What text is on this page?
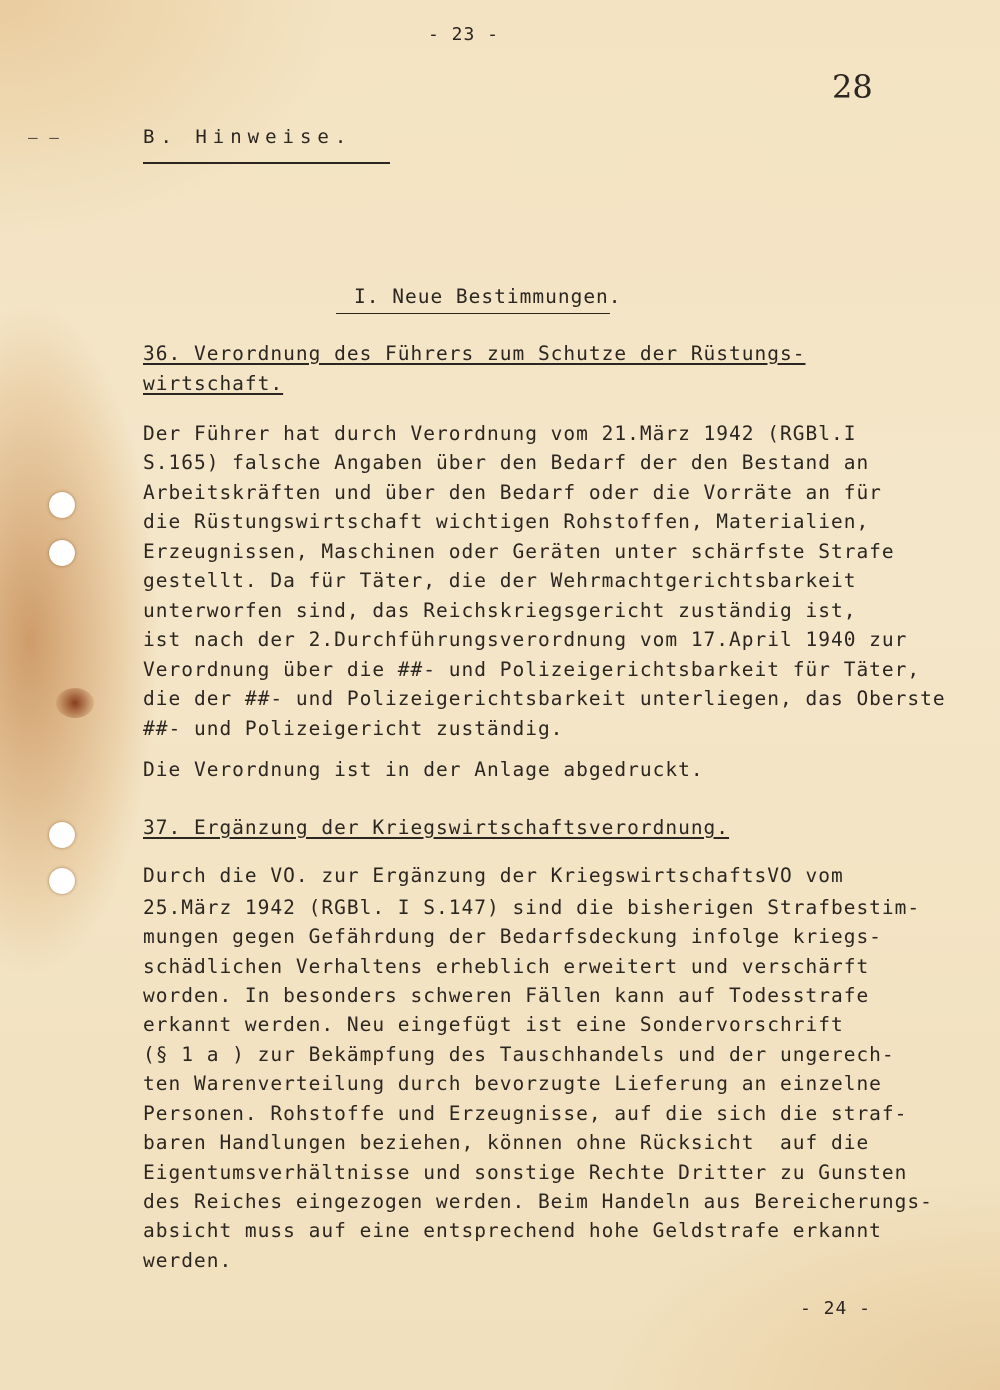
- 23 -
28
– –	B. Hinweise.
I. Neue Bestimmungen.
36. Verordnung des Führers zum Schutze der Rüstungs-
wirtschaft.
Der Führer hat durch Verordnung vom 21.März 1942 (RGBl.I
S.165) falsche Angaben über den Bedarf der den Bestand an
Arbeitskräften und über den Bedarf oder die Vorräte an für
die Rüstungswirtschaft wichtigen Rohstoffen, Materialien,
Erzeugnissen, Maschinen oder Geräten unter schärfste Strafe
gestellt. Da für Täter, die der Wehrmachtgerichtsbarkeit
unterworfen sind, das Reichskriegsgericht zuständig ist,
ist nach der 2.Durchführungsverordnung vom 17.April 1940 zur
Verordnung über die ##- und Polizeigerichtsbarkeit für Täter,
die der ##- und Polizeigerichtsbarkeit unterliegen, das Oberste
##- und Polizeigericht zuständig.
Die Verordnung ist in der Anlage abgedruckt.
37. Ergänzung der Kriegswirtschaftsverordnung.
Durch die VO. zur Ergänzung der KriegswirtschaftsVO vom
25.März 1942 (RGBl. I S.147) sind die bisherigen Strafbestim-
mungen gegen Gefährdung der Bedarfsdeckung infolge kriegs-
schädlichen Verhaltens erheblich erweitert und verschärft
worden. In besonders schweren Fällen kann auf Todesstrafe
erkannt werden. Neu eingefügt ist eine Sondervorschrift
(§ 1 a ) zur Bekämpfung des Tauschhandels und der ungerech-
ten Warenverteilung durch bevorzugte Lieferung an einzelne
Personen. Rohstoffe und Erzeugnisse, auf die sich die straf-
baren Handlungen beziehen, können ohne Rücksicht  auf die
Eigentumsverhältnisse und sonstige Rechte Dritter zu Gunsten
des Reiches eingezogen werden. Beim Handeln aus Bereicherungs-
absicht muss auf eine entsprechend hohe Geldstrafe erkannt
werden.
- 24 -
